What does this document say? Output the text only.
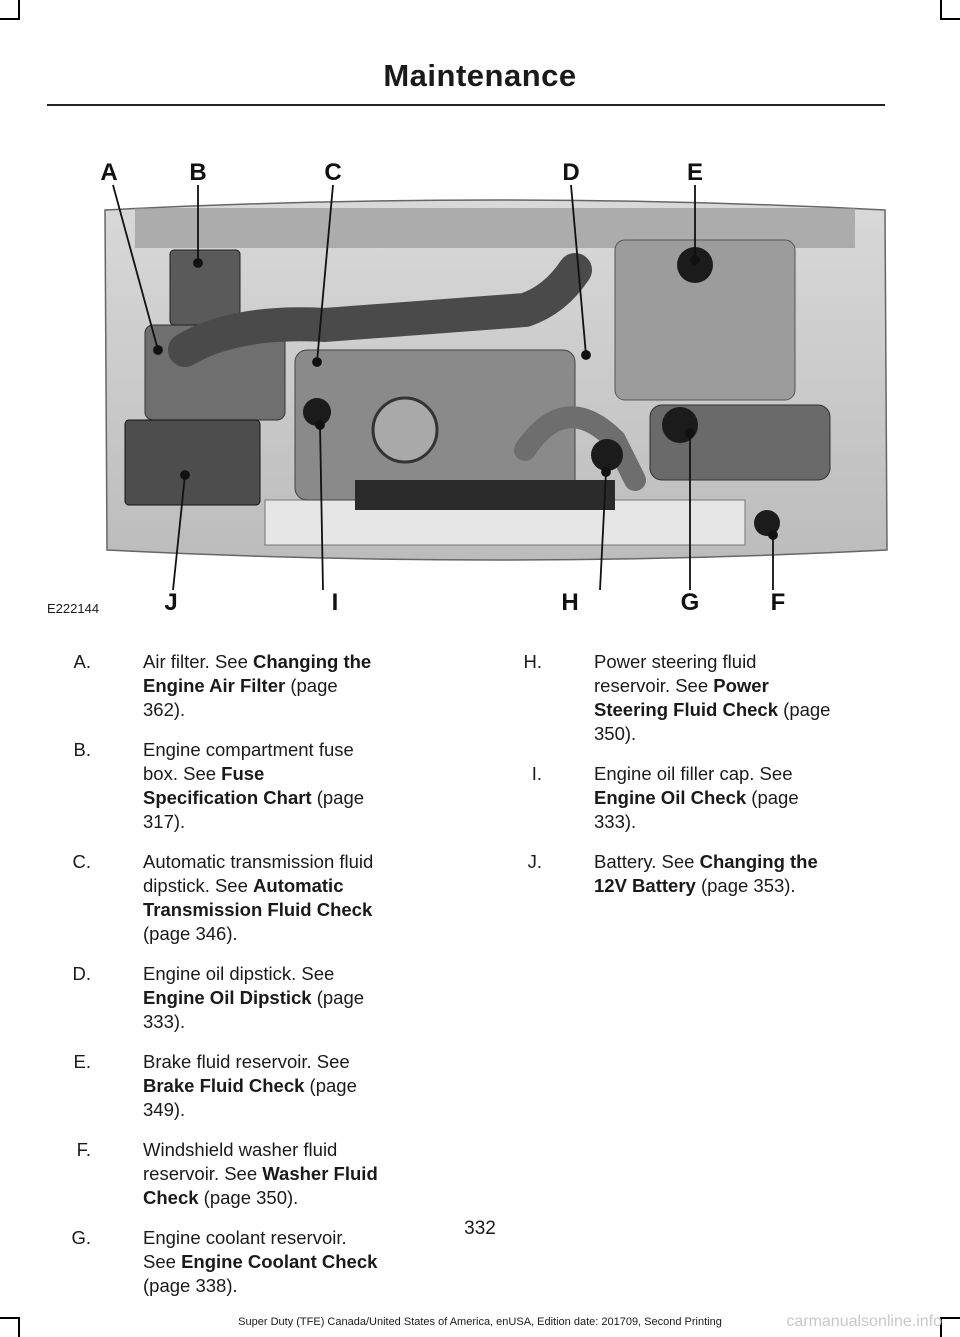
Maintenance
A	B	C	D	E
J	I	H	G	F
E222144
A.	Air filter. See Changing the Engine Air Filter (page 362).
B.	Engine compartment fuse box. See Fuse Specification Chart (page 317).
C.	Automatic transmission fluid dipstick. See Automatic Transmission Fluid Check (page 346).
D.	Engine oil dipstick. See Engine Oil Dipstick (page 333).
E.	Brake fluid reservoir. See Brake Fluid Check (page 349).
F.	Windshield washer fluid reservoir. See Washer Fluid Check (page 350).
G.	Engine coolant reservoir. See Engine Coolant Check (page 338).
H.	Power steering fluid reservoir. See Power Steering Fluid Check (page 350).
I.	Engine oil filler cap. See Engine Oil Check (page 333).
J.	Battery. See Changing the 12V Battery (page 353).
332
Super Duty (TFE) Canada/United States of America, enUSA, Edition date: 201709, Second Printing	carmanualsonline.info
